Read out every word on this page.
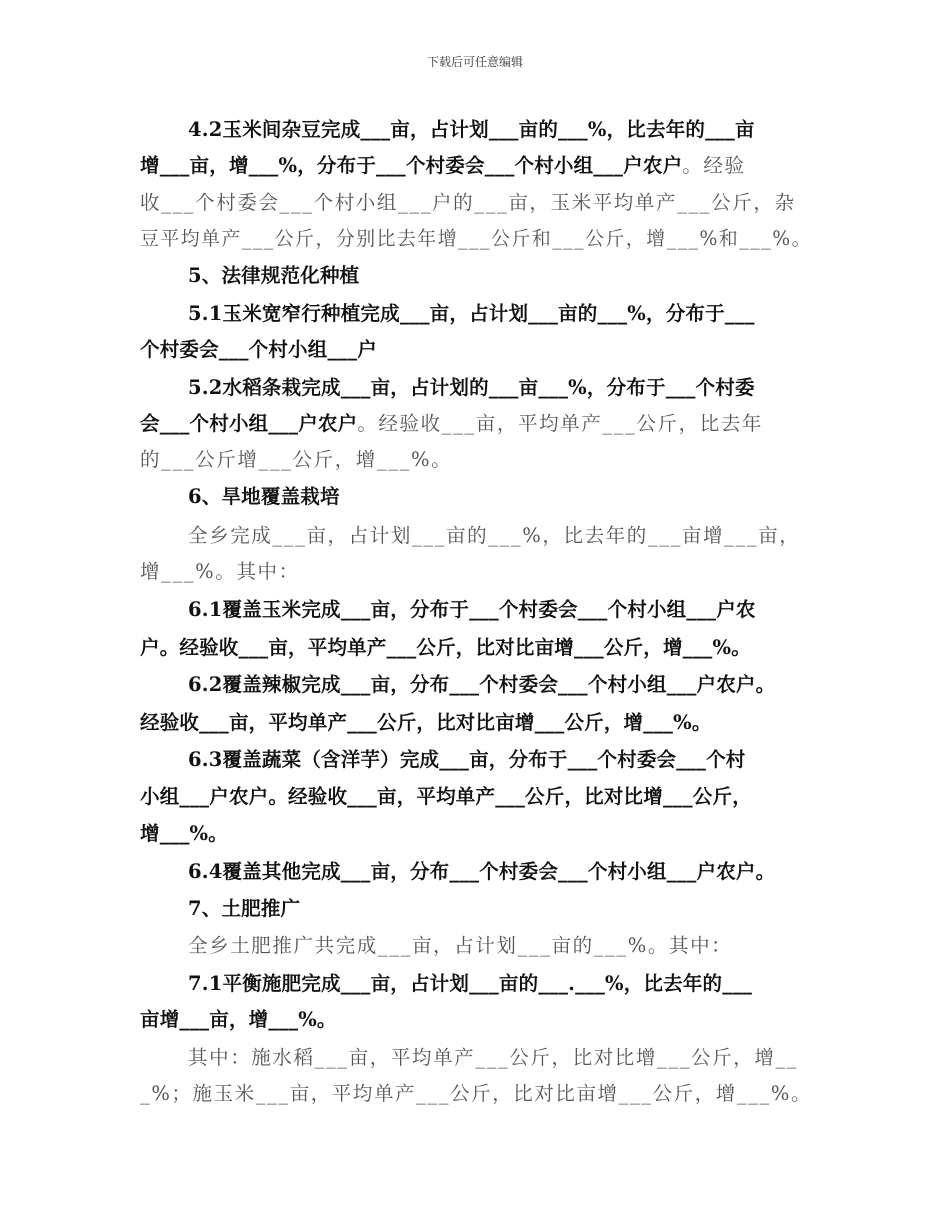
下载后可任意编辑
4.2玉米间杂豆完成___亩，占计划___亩的___%，比去年的___亩
增___亩，增___%，分布于___个村委会___个村小组___户农户。经验
收___个村委会___个村小组___户的___亩，玉米平均单产___公斤，杂
豆平均单产___公斤，分别比去年增___公斤和___公斤，增___%和___%。
5、法律规范化种植
5.1玉米宽窄行种植完成___亩，占计划___亩的___%，分布于___
个村委会___个村小组___户
5.2水稻条栽完成___亩，占计划的___亩___%，分布于___个村委
会___个村小组___户农户。经验收___亩，平均单产___公斤，比去年
的___公斤增___公斤，增___%。
6、旱地覆盖栽培
全乡完成___亩，占计划___亩的___%，比去年的___亩增___亩，
增___%。其中：
6.1覆盖玉米完成___亩，分布于___个村委会___个村小组___户农
户。经验收___亩，平均单产___公斤，比对比亩增___公斤，增___%。
6.2覆盖辣椒完成___亩，分布___个村委会___个村小组___户农户。
经验收___亩，平均单产___公斤，比对比亩增___公斤，增___%。
6.3覆盖蔬菜（含洋芋）完成___亩，分布于___个村委会___个村
小组___户农户。经验收___亩，平均单产___公斤，比对比增___公斤，
增___%。
6.4覆盖其他完成___亩，分布___个村委会___个村小组___户农户。
7、土肥推广
全乡土肥推广共完成___亩，占计划___亩的___%。其中：
7.1平衡施肥完成___亩，占计划___亩的___.___%，比去年的___
亩增___亩，增___%。
其中：施水稻___亩，平均单产___公斤，比对比增___公斤，增__
_%；施玉米___亩，平均单产___公斤，比对比亩增___公斤，增___%。
